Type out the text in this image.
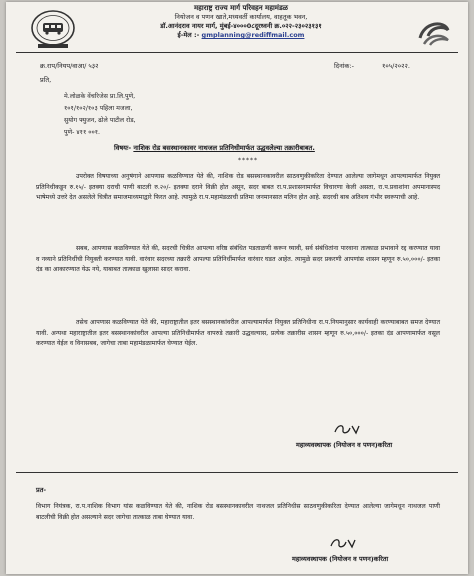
महाराष्ट्र राज्य मार्ग परिवहन महामंडळ
नियोजन व पणन खाते,मध्यवर्ती कार्यालय, वाहतूक भवन,
डॉ.आनंदराव नायर मार्ग, मुंबई-४०००0८दूरध्वनी क्र.०२२-२३०२३१३१
ई-मेल :- gmplanning@rediffmail.com
क्र.राप/नियप/वाआ/ ५३२	दिनांक:-	१०५/२०२२.
प्रति,
मे.लोळके वेंचरिजेस प्रा.लि.पुणे,
१०१/१०२/१०३ पहिला मजला,
सुयोग फ्युजन, ढोले पाटील रोड,
पुणे- ४११ ००१.
विषयः- नाशिक रोड बसस्थानकावर नाथजल प्रतिनिधीमार्फत उद्धवलेल्या तक्रारीबाबत.
*****
उपरोक्त विषयाच्या अनुषंगाने आपणास कळविण्यात येते की, नाशिक रोड बसस्थानकावरील साठवणुकीकरिता देण्यात आलेल्या जागेमधून आपल्यामार्फत नियुक्त प्रतिनिधीकडून रु.१५/- इतक्या दराची पाणी बाटली रु.२०/- इतक्या दराने विक्री होत असून, सदर बाबत रा.प.प्रशासनामार्फत विचारणा केली असता, रा.प.प्रवाशांना अपमानास्पद भाषेमध्ये उत्तरे देत असलेले चित्रीत समाजमाध्यमाद्वारे फिरत आहे. त्यामुळे रा.प.महामंडळाची प्रतिमा जनमानसात मलिन होत आहे. सदरची बाब अतिशय गंभीर स्वरूपाची आहे.
सबब, आपणास कळविण्यात येते की, सदरची चित्रीत आपल्या वरिष्ठ संबंधित पडताळणी करून घ्यावी, सर्व संबंधितांना पारवाना तात्काळ प्रभावाने रद्द करण्यात यावा व नव्याने प्रतिनिधींची नियुक्ती करण्यात यावी. वारंवार सदरच्या तक्रारी आपल्या प्रतिनिधींमार्फत वारंवार घडत आहेत. त्यामुळे सदर प्रकरणी आपणांस शासन म्हणून रु.५०,०००/- इतका दंड का आकारण्यात येऊ नये, याबाबत तात्काळ खुलासा सादर करावा.
तसेच आपणास कळविण्यात येते की, महाराष्ट्रातील इतर बसस्थानकांवरील आपल्यामार्फत नियुक्त प्रतिनिधीना रा.प.नियमानुसार कार्यवाही करण्याबाबत समज देण्यात यावी. अन्यथा महाराष्ट्रातील इतर बसस्थानकांवरील आपल्या प्रतिनिधीमार्फत वापरुडे तक्रारी उद्धवल्यास, प्रत्येक तक्रारीस शासन म्हणून रु.५०,०००/- इतका दंड आपणामार्फत वसूल करण्यात येईल व विनासबब, जागेचा ताबा महामंडळामार्फत घेण्यात येईल.
महाव्यवस्थापक (नियोजन व पणन)करिता
प्रत-
विभाग नियंत्रक, रा.प.नाशिक विभाग यांस कळविण्यात येते की, नाशिक रोड बसस्थानकावरील नाथजल प्रतिनिधीस साठवणुकीकरिता देण्यात आलेल्या जागेमधून नाथजल पाणी बाटलीची विक्री होत असल्याने सदर जागेचा तात्काळ ताबा घेण्यात यावा.
महाव्यवस्थापक (नियोजन व पणन)करिता
